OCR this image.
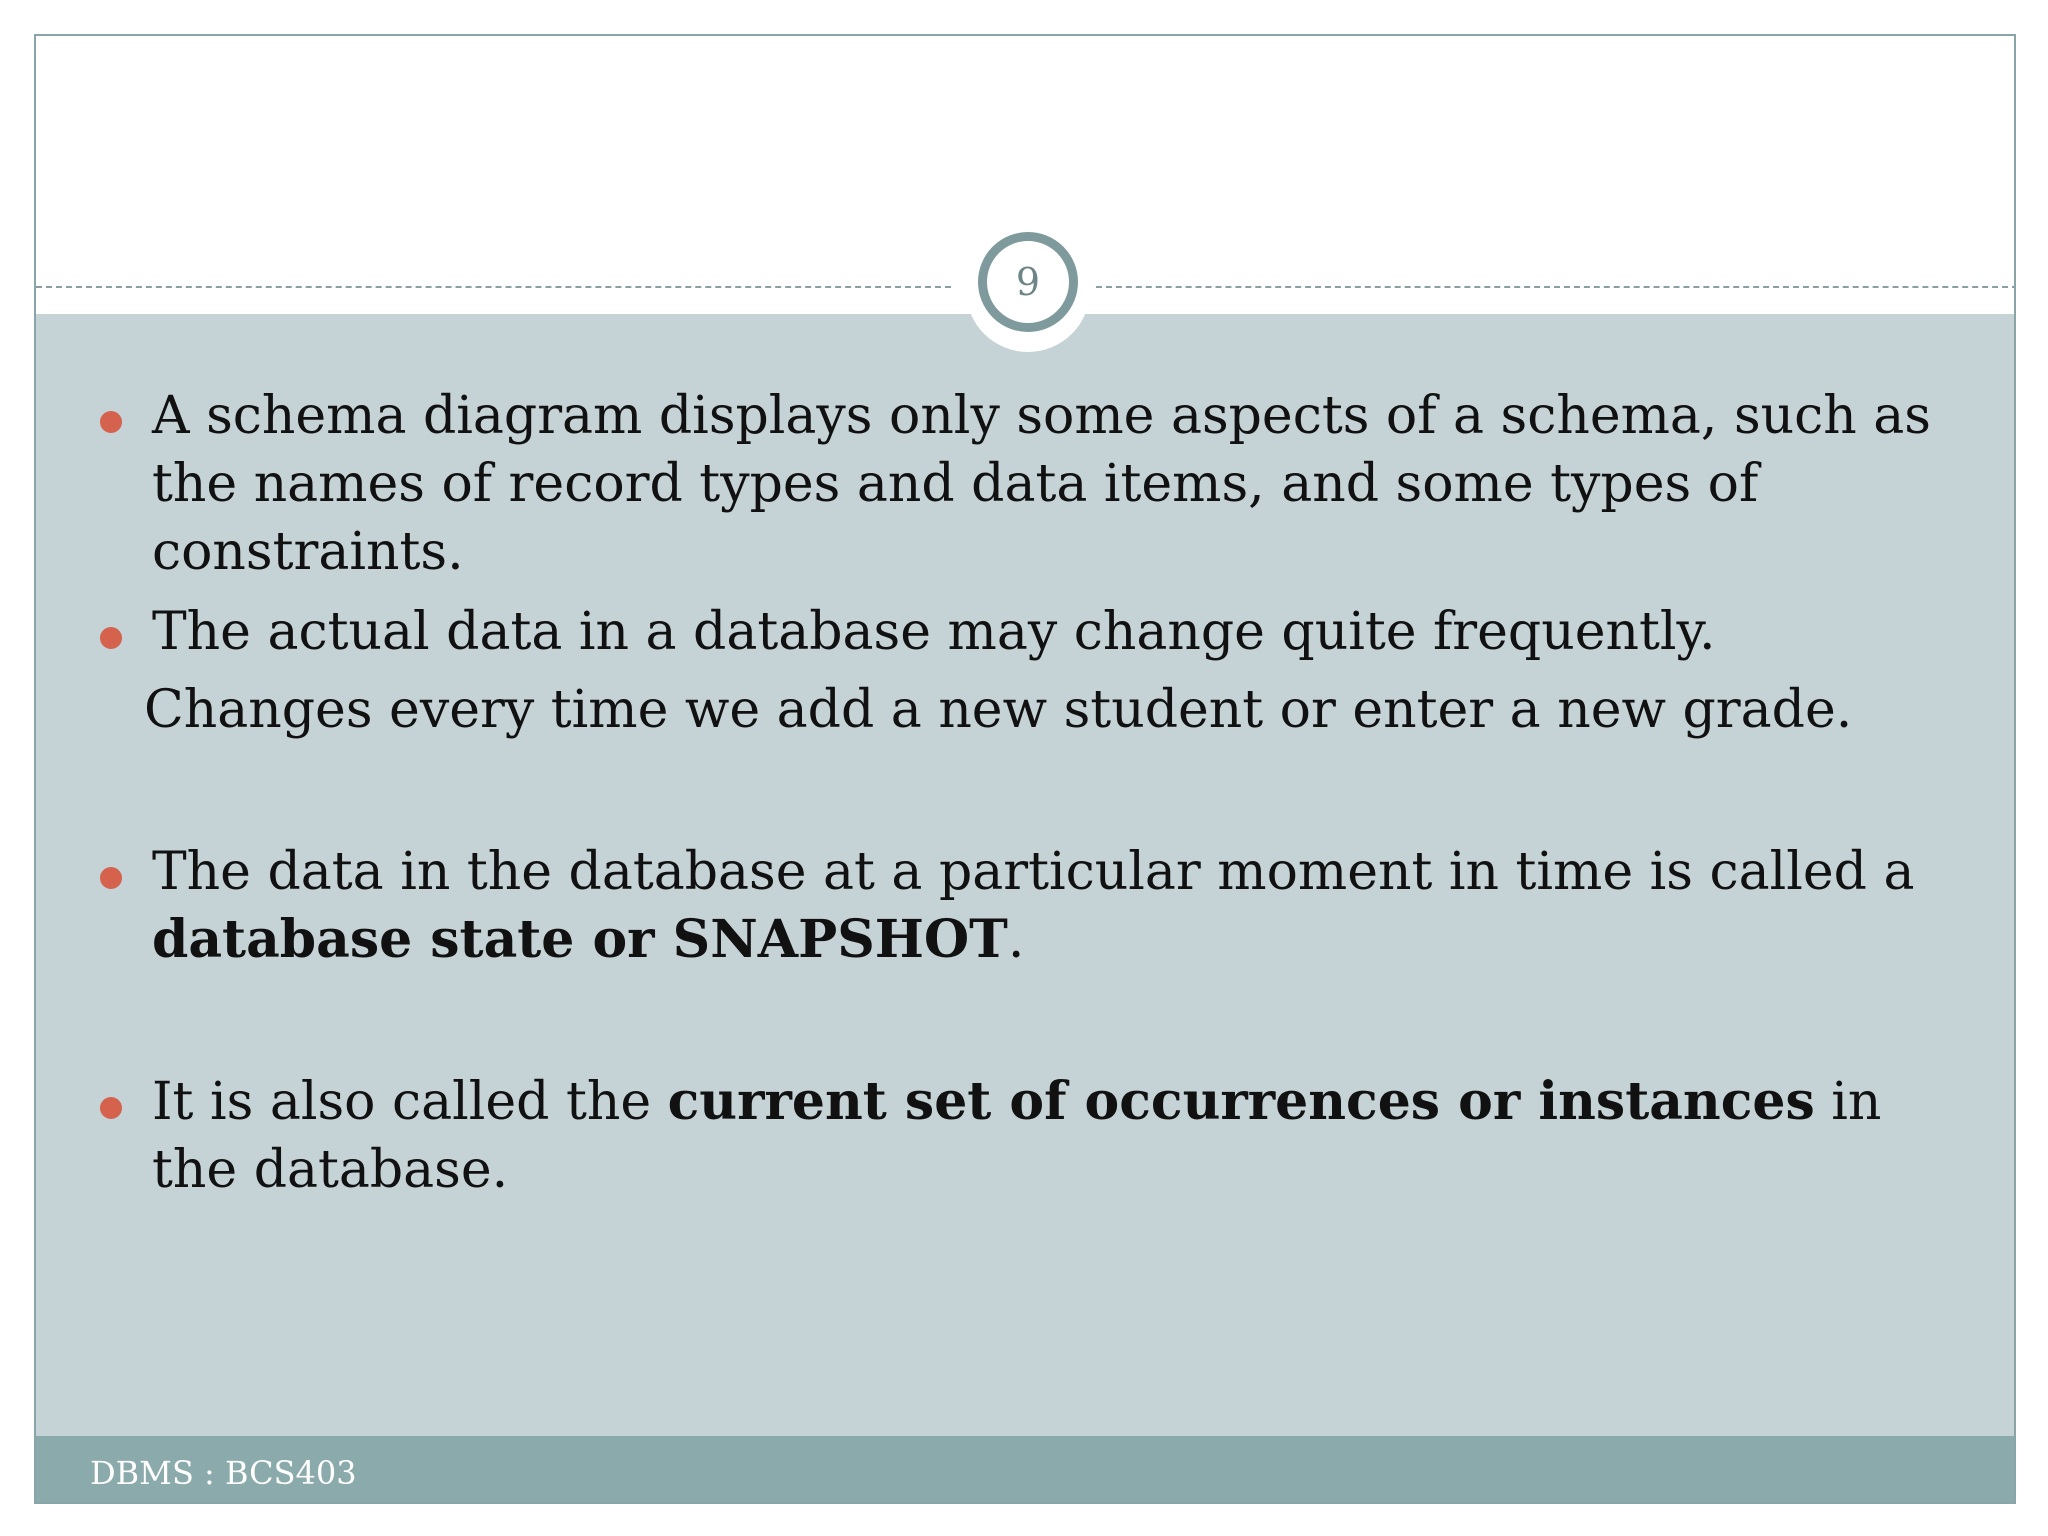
9
A schema diagram displays only some aspects of a schema, such as the names of record types and data items, and some types of constraints.
The actual data in a database may change quite frequently.
Changes every time we add a new student or enter a new grade.
The data in the database at a particular moment in time is called a database state or SNAPSHOT.
It is also called the current set of occurrences or instances in the database.
DBMS : BCS403
